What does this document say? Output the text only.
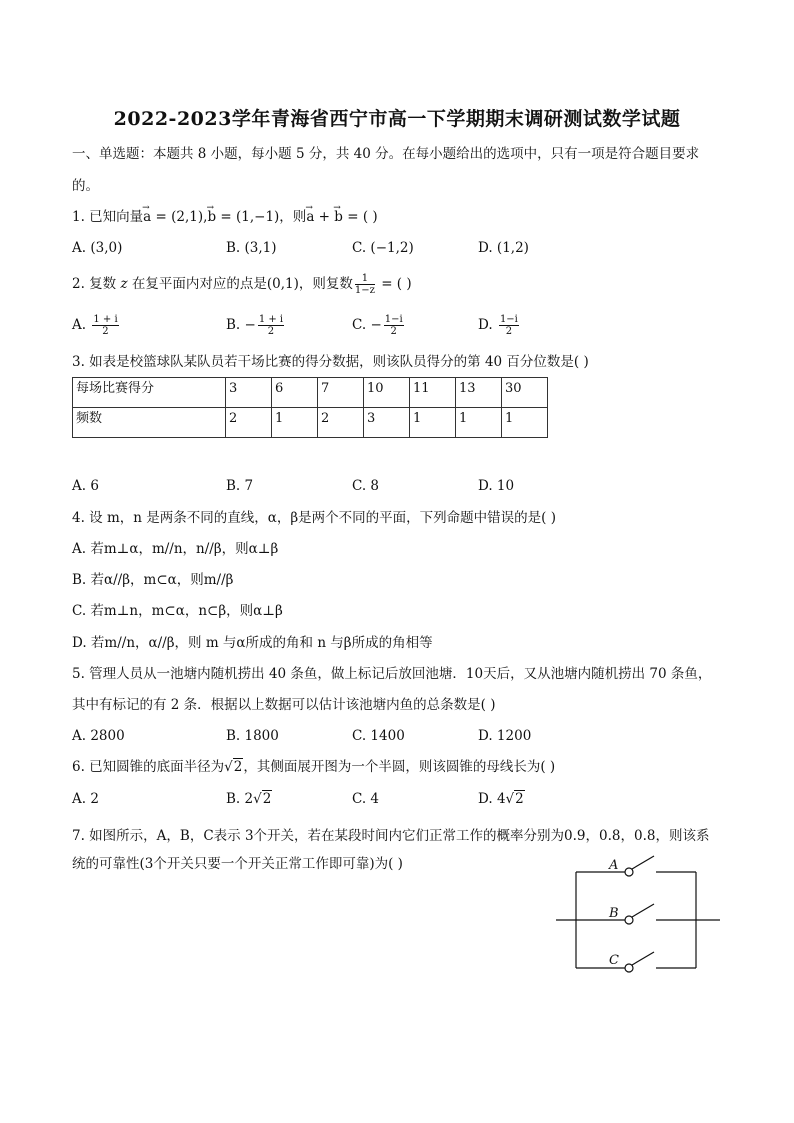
2022-2023学年青海省西宁市高一下学期期末调研测试数学试题
一、单选题：本题共 8 小题，每小题 5 分，共 40 分。在每小题给出的选项中，只有一项是符合题目要求
的。
1. 已知向量→ a = (2,1),→ b = (1,−1)，则→ a + → b = ( )
A. (3,0)	B. (3,1)	C. (−1,2)	D. (1,2)
2. 复数 z 在复平面内对应的点是(0,1)，则复数 $\frac{1}{1-z}$ = ( )
A. $\frac{1 + i}{2}$	B. − $\frac{1 + i}{2}$	C. − $\frac{1-i}{2}$	D. $\frac{1-i}{2}$
3. 如表是校篮球队某队员若干场比赛的得分数据，则该队员得分的第 40 百分位数是( )
每场比赛得分	3	6	7	10	11	13	30
频数	2	1	2	3	1	1	1
A. 6	B. 7	C. 8	D. 10
4. 设 m，n 是两条不同的直线，α，β是两个不同的平面，下列命题中错误的是( )
A. 若m⊥α，m//n，n//β，则α⊥β
B. 若α//β，m⊂α，则m//β
C. 若m⊥n，m⊂α，n⊂β，则α⊥β
D. 若m//n，α//β，则 m 与α所成的角和 n 与β所成的角相等
5. 管理人员从一池塘内随机捞出 40 条鱼，做上标记后放回池塘．10天后，又从池塘内随机捞出 70 条鱼，
其中有标记的有 2 条．根据以上数据可以估计该池塘内鱼的总条数是( )
A. 2800	B. 1800	C. 1400	D. 1200
6. 已知圆锥的底面半径为√2，其侧面展开图为一个半圆，则该圆锥的母线长为( )
A. 2	B. 2√2	C. 4	D. 4√2
7. 如图所示，A，B，C表示 3个开关，若在某段时间内它们正常工作的概率分别为0.9，0.8，0.8，则该系
统的可靠性(3个开关只要一个开关正常工作即可靠)为( )	A
B
C
